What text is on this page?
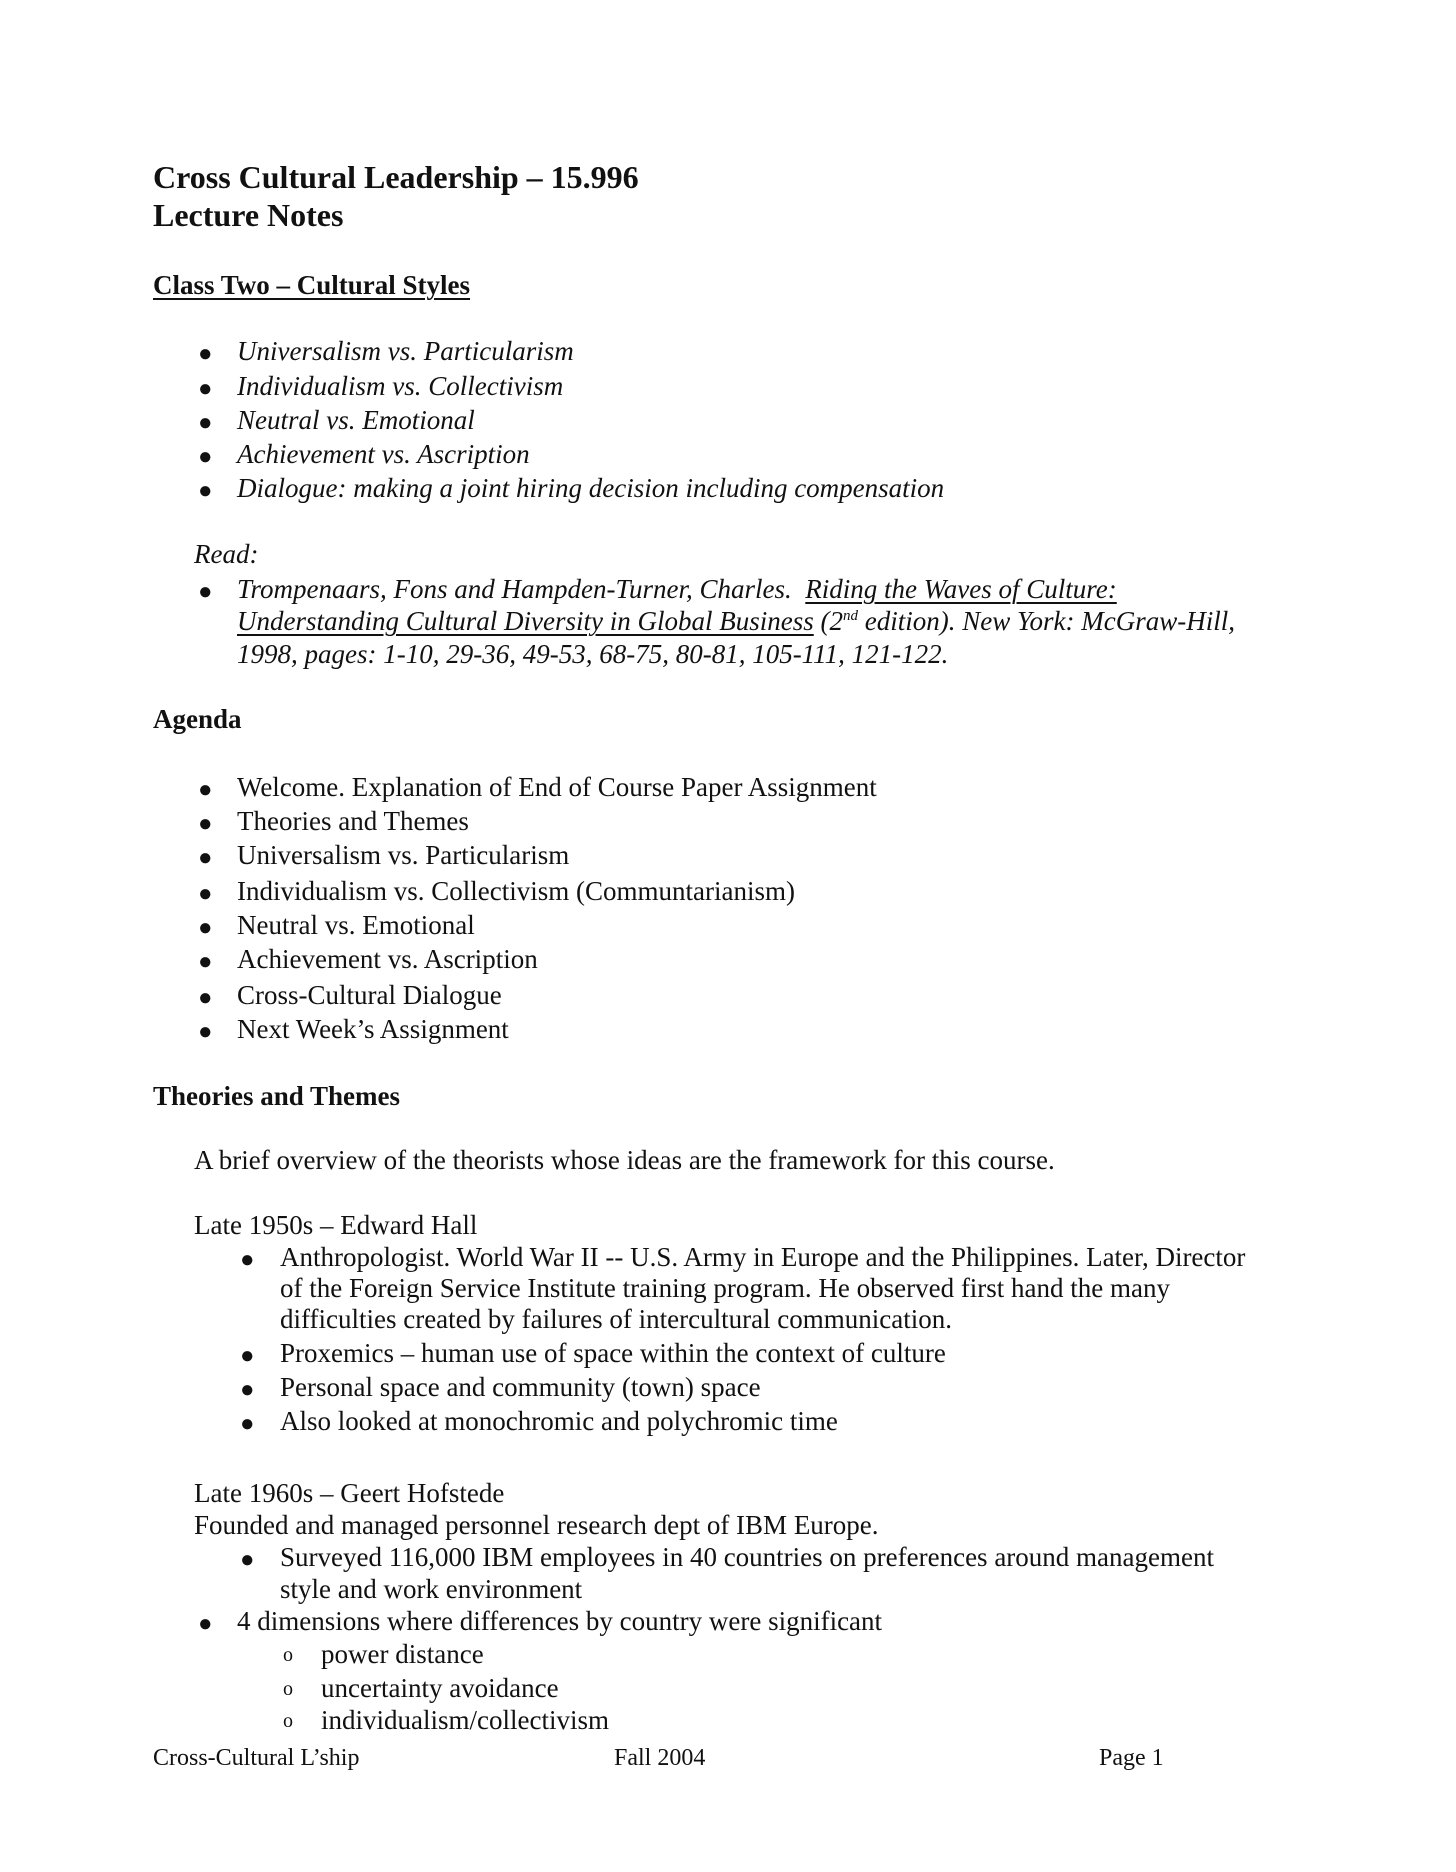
Cross Cultural Leadership – 15.996
Lecture Notes
Class Two – Cultural Styles
● Universalism vs. Particularism
● Individualism vs. Collectivism
● Neutral vs. Emotional
● Achievement vs. Ascription
● Dialogue: making a joint hiring decision including compensation
Read:
● Trompenaars, Fons and Hampden-Turner, Charles. Riding the Waves of Culture:
Understanding Cultural Diversity in Global Business (2nd edition). New York: McGraw-Hill,
1998, pages: 1-10, 29-36, 49-53, 68-75, 80-81, 105-111, 121-122.
Agenda
● Welcome. Explanation of End of Course Paper Assignment
● Theories and Themes
● Universalism vs. Particularism
● Individualism vs. Collectivism (Communtarianism)
● Neutral vs. Emotional
● Achievement vs. Ascription
● Cross-Cultural Dialogue
● Next Week’s Assignment
Theories and Themes
A brief overview of the theorists whose ideas are the framework for this course.
Late 1950s – Edward Hall
● Anthropologist. World War II -- U.S. Army in Europe and the Philippines. Later, Director
of the Foreign Service Institute training program. He observed first hand the many
difficulties created by failures of intercultural communication.
● Proxemics – human use of space within the context of culture
● Personal space and community (town) space
● Also looked at monochromic and polychromic time
Late 1960s – Geert Hofstede
Founded and managed personnel research dept of IBM Europe.
● Surveyed 116,000 IBM employees in 40 countries on preferences around management
style and work environment
● 4 dimensions where differences by country were significant
o power distance
o uncertainty avoidance
o individualism/collectivism
Cross-Cultural L’ship	Fall 2004	Page 1
